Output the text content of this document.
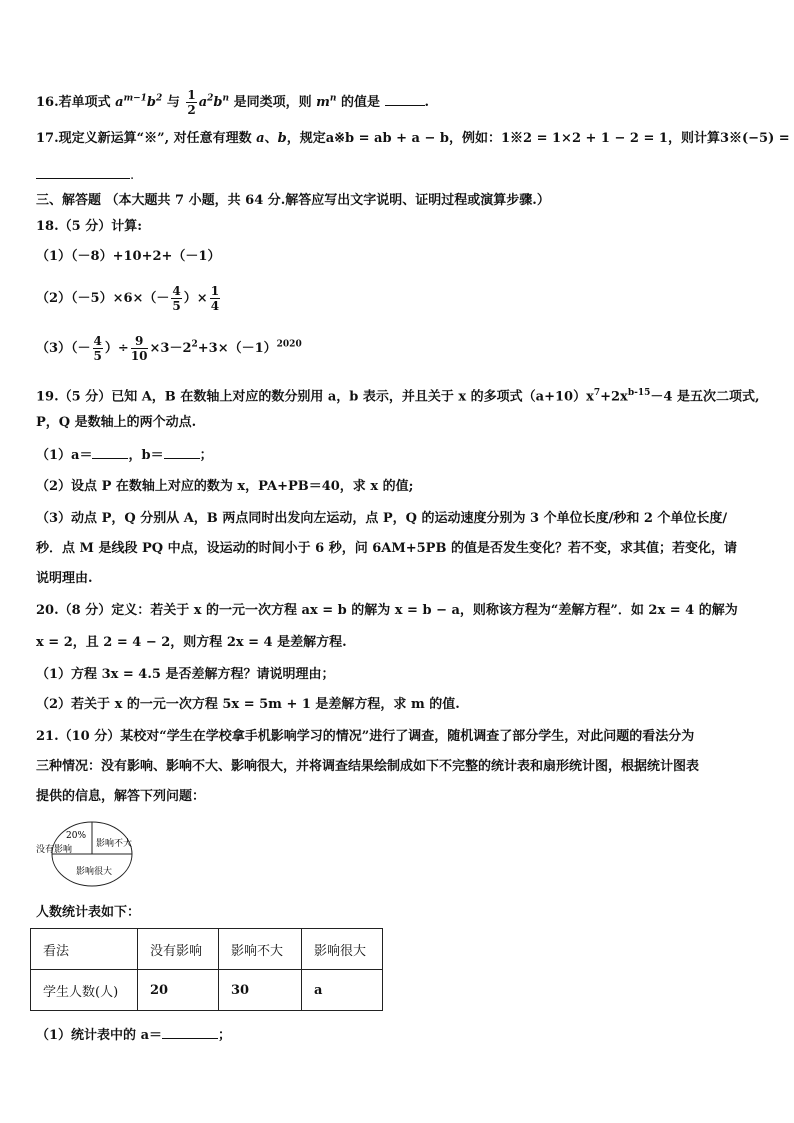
16.若单项式 $a^{m-1}b^2$ 与 $\frac{1}{2} a^2b^n$ 是同类项，则 $m^n$ 的值是	.
17.现定义新运算“※”, 对任意有理数 a、b，规定a※b = ab + a − b，例如：1※2 = 1×2 + 1 − 2 = 1，则计算3※(−5) =
.
三、解答题 （本大题共 7 小题，共 64 分.解答应写出文字说明、证明过程或演算步骤.）
18.（5 分）计算:
（1）（－8）+10+2+（－1）
$(2)(-5)\times 6\times(- \frac{4}{5}$ ）× $\frac{1}{4}$
$(3)(- \frac{4}{5}$ ）÷ $\frac{9}{10} \times 3-2^2+3\times(-1)^{2020}$
19.（5 分）已知 A，B 在数轴上对应的数分别用 a，b 表示，并且关于 x 的多项式$(a+10)x^7+2x^{b-15}-4$ 是五次二项式,
P，Q 是数轴上的两个动点.
（1）a＝	，b＝	；
（2）设点 P 在数轴上对应的数为 x，PA+PB＝40，求 x 的值;
（3）动点 P，Q 分别从 A，B 两点同时出发向左运动，点 P，Q 的运动速度分别为 3 个单位长度/秒和 2 个单位长度/
秒．点 M 是线段 PQ 中点，设运动的时间小于 6 秒，问 6AM+5PB 的值是否发生变化？若不变，求其值；若变化，请
说明理由.
20.（8 分）定义：若关于 x 的一元一次方程 ax = b 的解为 x = b − a，则称该方程为“差解方程”．如 2x = 4 的解为
x = 2，且 2 = 4 − 2，则方程 2x = 4 是差解方程.
（1）方程 3x = 4.5 是否差解方程？请说明理由；
（2）若关于 x 的一元一次方程 5x = 5m + 1 是差解方程，求 m 的值.
21.（10 分）某校对“学生在学校拿手机影响学习的情况”进行了调查，随机调查了部分学生，对此问题的看法分为
三种情况：没有影响、影响不大、影响很大，并将调查结果绘制成如下不完整的统计表和扇形统计图，根据统计图表
提供的信息，解答下列问题：
20%
没有影响
影响不大
影响很大
人数统计表如下：
看法	没有影响	影响不大	影响很大
学生人数(人)	20	30	a
（1）统计表中的 a＝	；
